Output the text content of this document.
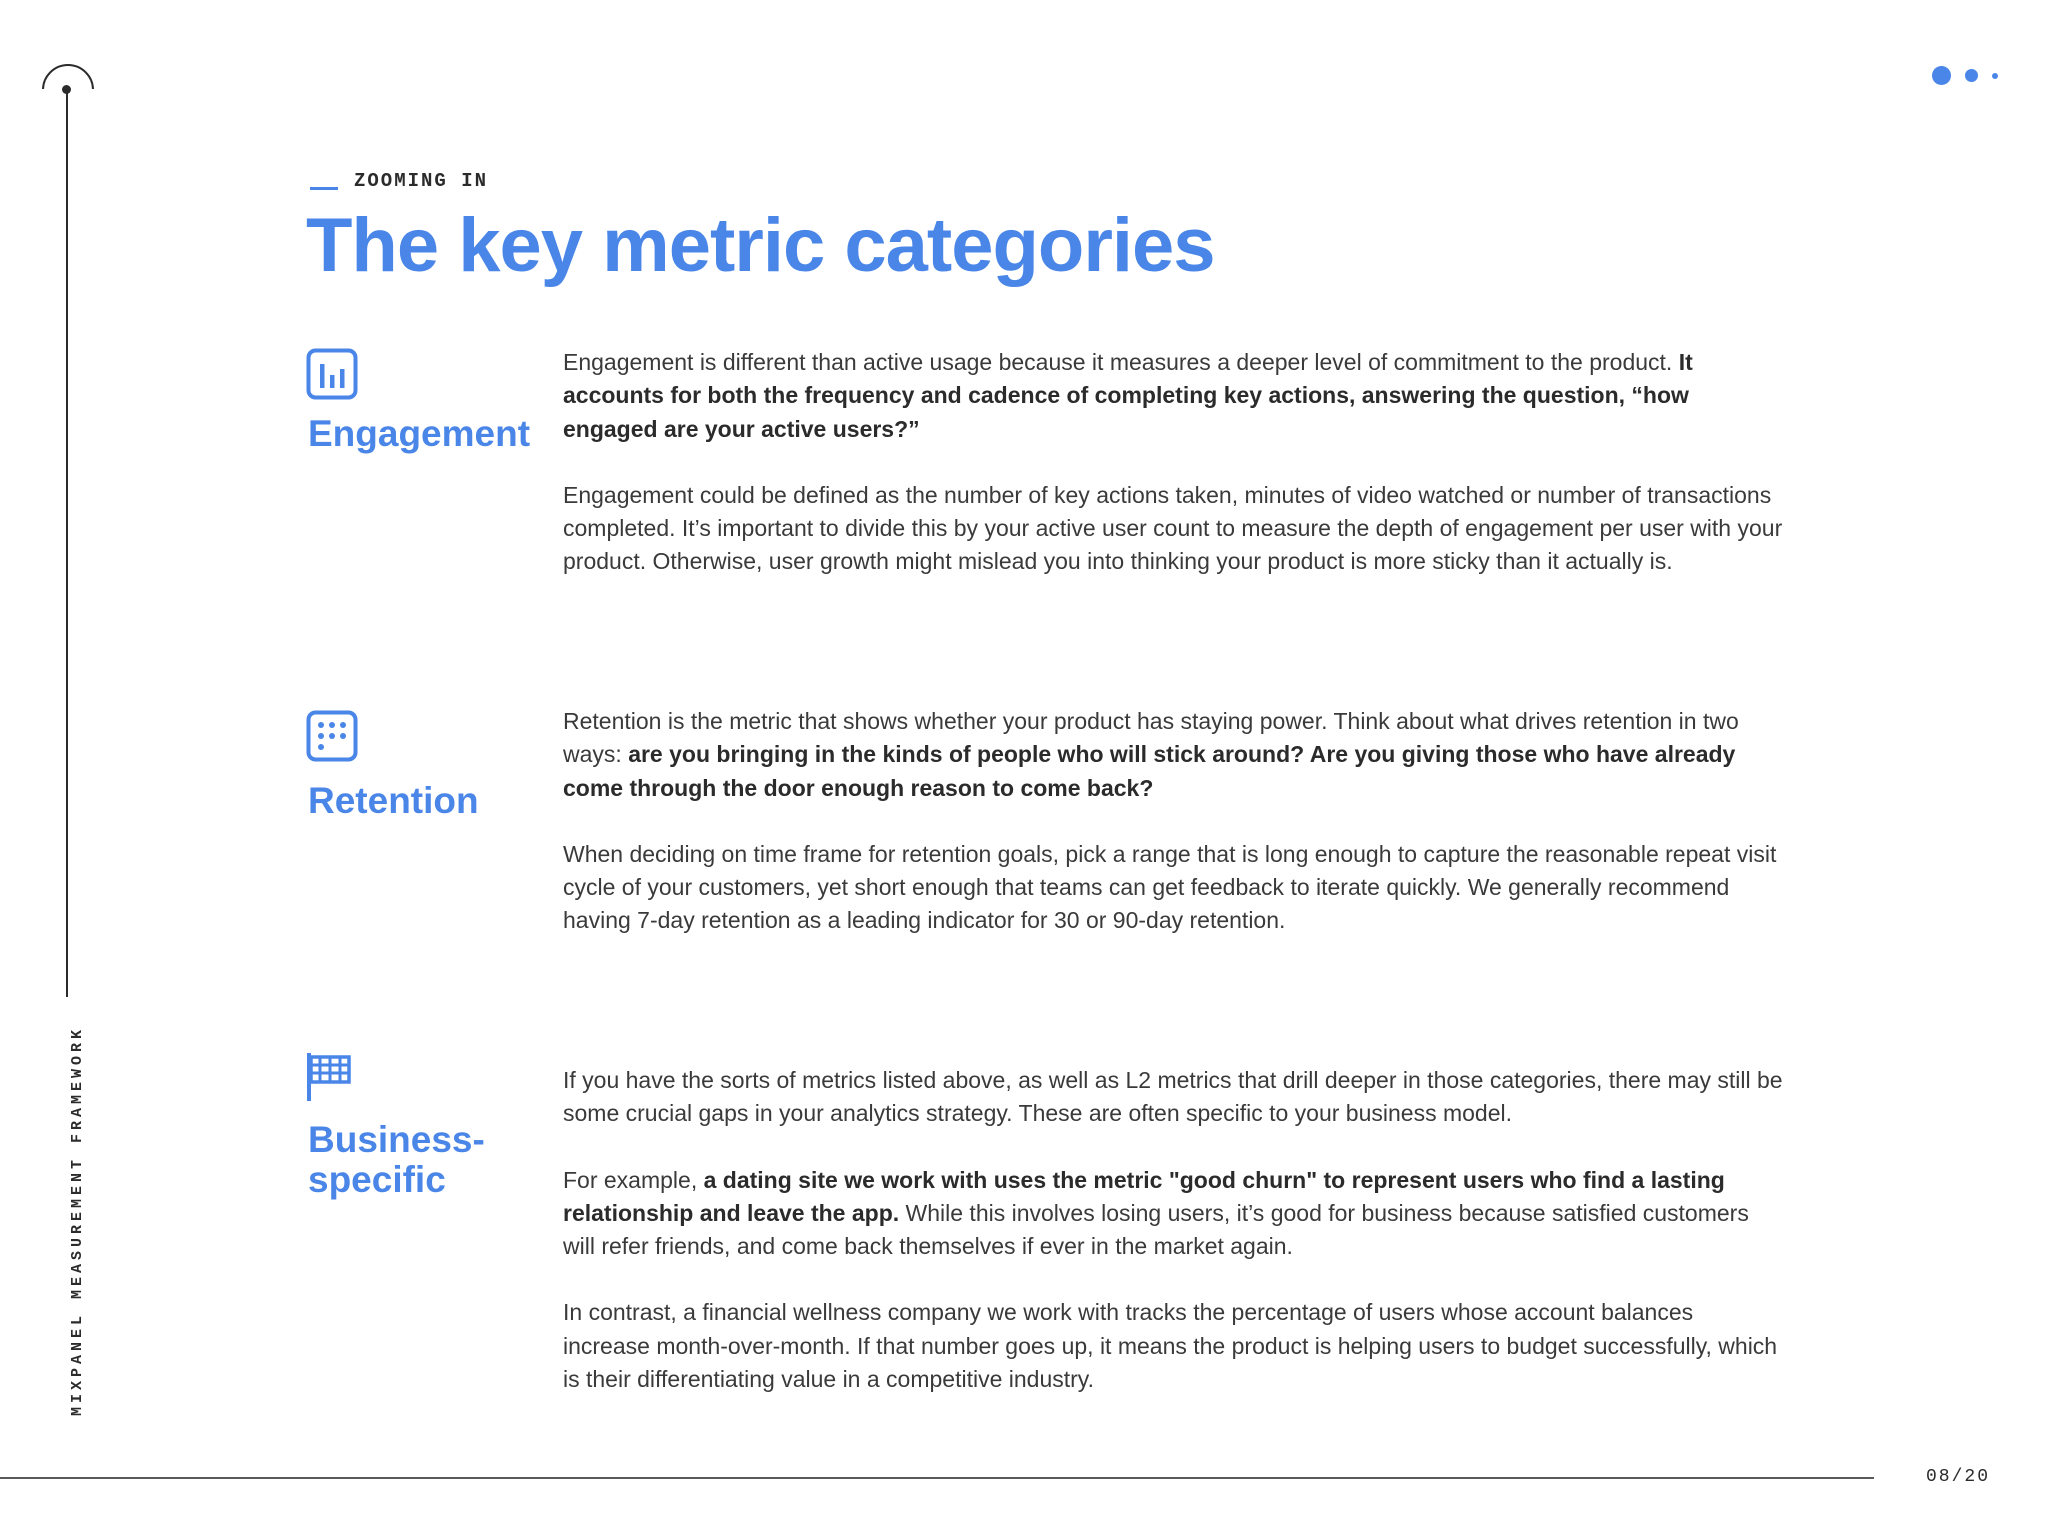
MIXPANEL MEASUREMENT FRAMEWORK
ZOOMING IN
The key metric categories
Engagement

Engagement is different than active usage because it measures a deeper level of commitment to the product. It accounts for both the frequency and cadence of completing key actions, answering the question, “how engaged are your active users?”

Engagement could be defined as the number of key actions taken, minutes of video watched or number of transactions completed. It’s important to divide this by your active user count to measure the depth of engagement per user with your product. Otherwise, user growth might mislead you into thinking your product is more sticky than it actually is.

Retention

Retention is the metric that shows whether your product has staying power. Think about what drives retention in two ways: are you bringing in the kinds of people who will stick around? Are you giving those who have already come through the door enough reason to come back?

When deciding on time frame for retention goals, pick a range that is long enough to capture the reasonable repeat visit cycle of your customers, yet short enough that teams can get feedback to iterate quickly. We generally recommend having 7-day retention as a leading indicator for 30 or 90-day retention.

Business-
specific

If you have the sorts of metrics listed above, as well as L2 metrics that drill deeper in those categories, there may still be some crucial gaps in your analytics strategy. These are often specific to your business model.

For example, a dating site we work with uses the metric "good churn" to represent users who find a lasting relationship and leave the app. While this involves losing users, it’s good for business because satisfied customers will refer friends, and come back themselves if ever in the market again.

In contrast, a financial wellness company we work with tracks the percentage of users whose account balances increase month-over-month. If that number goes up, it means the product is helping users to budget successfully, which is their differentiating value in a competitive industry.

08/20
